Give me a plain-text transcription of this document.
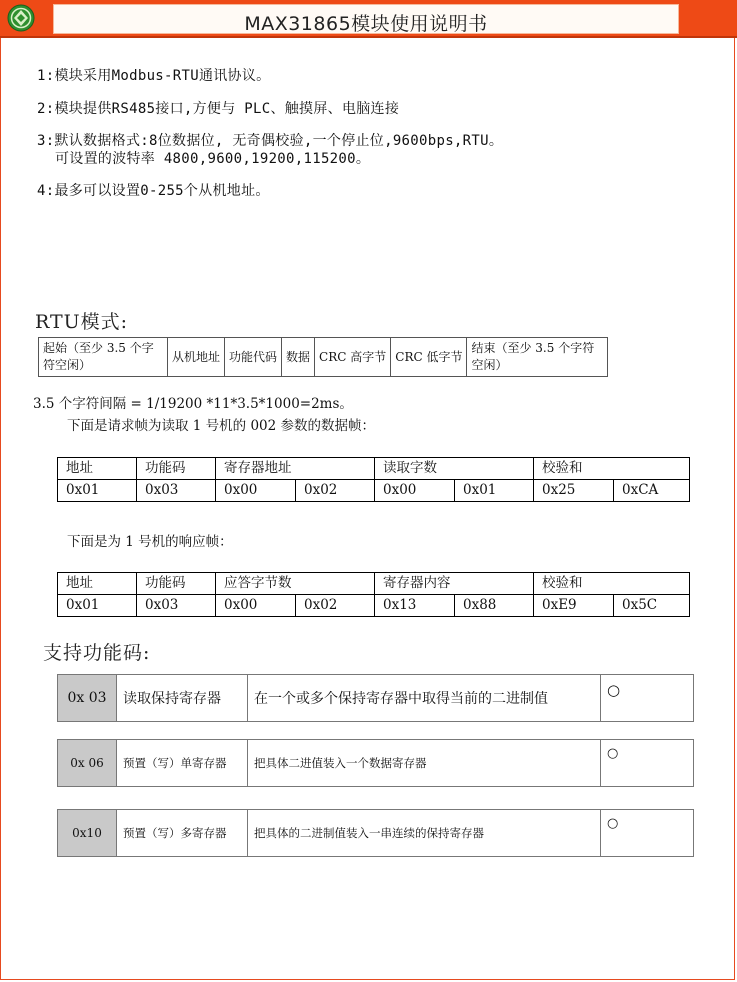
MAX31865模块使用说明书
1:模块采用Modbus-RTU通讯协议。
2:模块提供RS485接口,方便与 PLC、触摸屏、电脑连接
3:默认数据格式:8位数据位, 无奇偶校验,一个停止位,9600bps,RTU。
可设置的波特率 4800,9600,19200,115200。
4:最多可以设置0-255个从机地址。
RTU模式:
起始（至少 3.5 个字符空闲）	从机地址	功能代码	数据	CRC 高字节	CRC 低字节	结束（至少 3.5 个字符空闲）
3.5 个字符间隔 = 1/19200 *11*3.5*1000=2ms。
下面是请求帧为读取 1 号机的 002 参数的数据帧：
地址	功能码	寄存器地址		读取字数		校验和	
0x01	0x03	0x00	0x02	0x00	0x01	0x25	0xCA
下面是为 1 号机的响应帧：
地址	功能码	应答字节数		寄存器内容		校验和	
0x01	0x03	0x00	0x02	0x13	0x88	0xE9	0x5C
支持功能码:
0x 03	读取保持寄存器	在一个或多个保持寄存器中取得当前的二进制值	○
0x 06	预置（写）单寄存器	把具体二进值装入一个数据寄存器	○
0x10	预置（写）多寄存器	把具体的二进制值装入一串连续的保持寄存器	○
